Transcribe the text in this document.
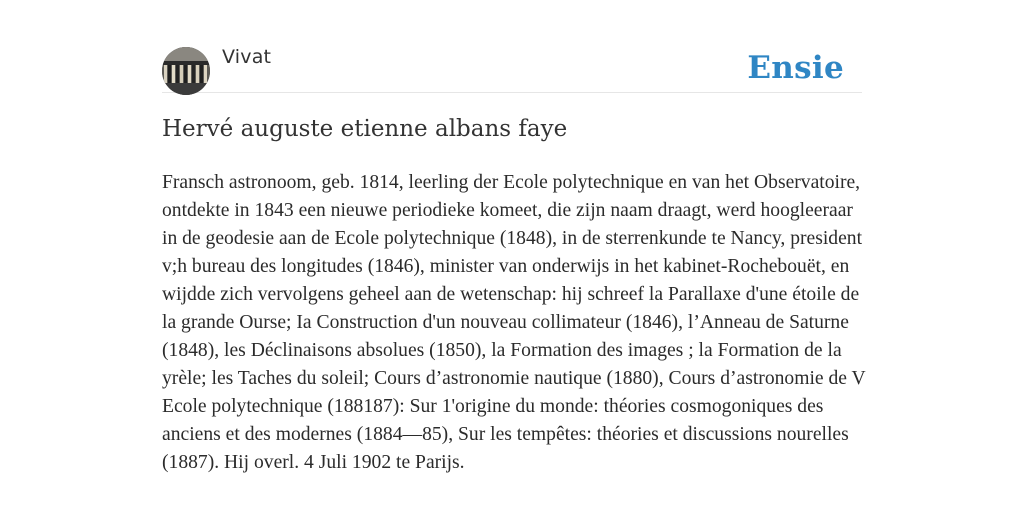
Vivat	Ensie
Hervé auguste etienne albans faye

Fransch astronoom, geb. 1814, leerling der Ecole polytechnique en van het Observatoire, ontdekte in 1843 een nieuwe periodieke komeet, die zijn naam draagt, werd hoogleeraar in de geodesie aan de Ecole polytechnique (1848), in de sterrenkunde te Nancy, president v;h bureau des longitudes (1846), minister van onderwijs in het kabinet-Rochebouët, en wijdde zich vervolgens geheel aan de wetenschap: hij schreef la Parallaxe d'une étoile de la grande Ourse; Ia Construction d'un nouveau collimateur (1846), l’Anneau de Saturne (1848), les Déclinaisons absolues (1850), la Formation des images ; la Formation de la yrèle; les Taches du soleil; Cours d’astronomie nautique (1880), Cours d’astronomie de V Ecole polytechnique (188187): Sur 1'origine du monde: théories cosmogoniques des anciens et des modernes (1884—85), Sur les tempêtes: théories et discussions nourelles (1887). Hij overl. 4 Juli 1902 te Parijs.
